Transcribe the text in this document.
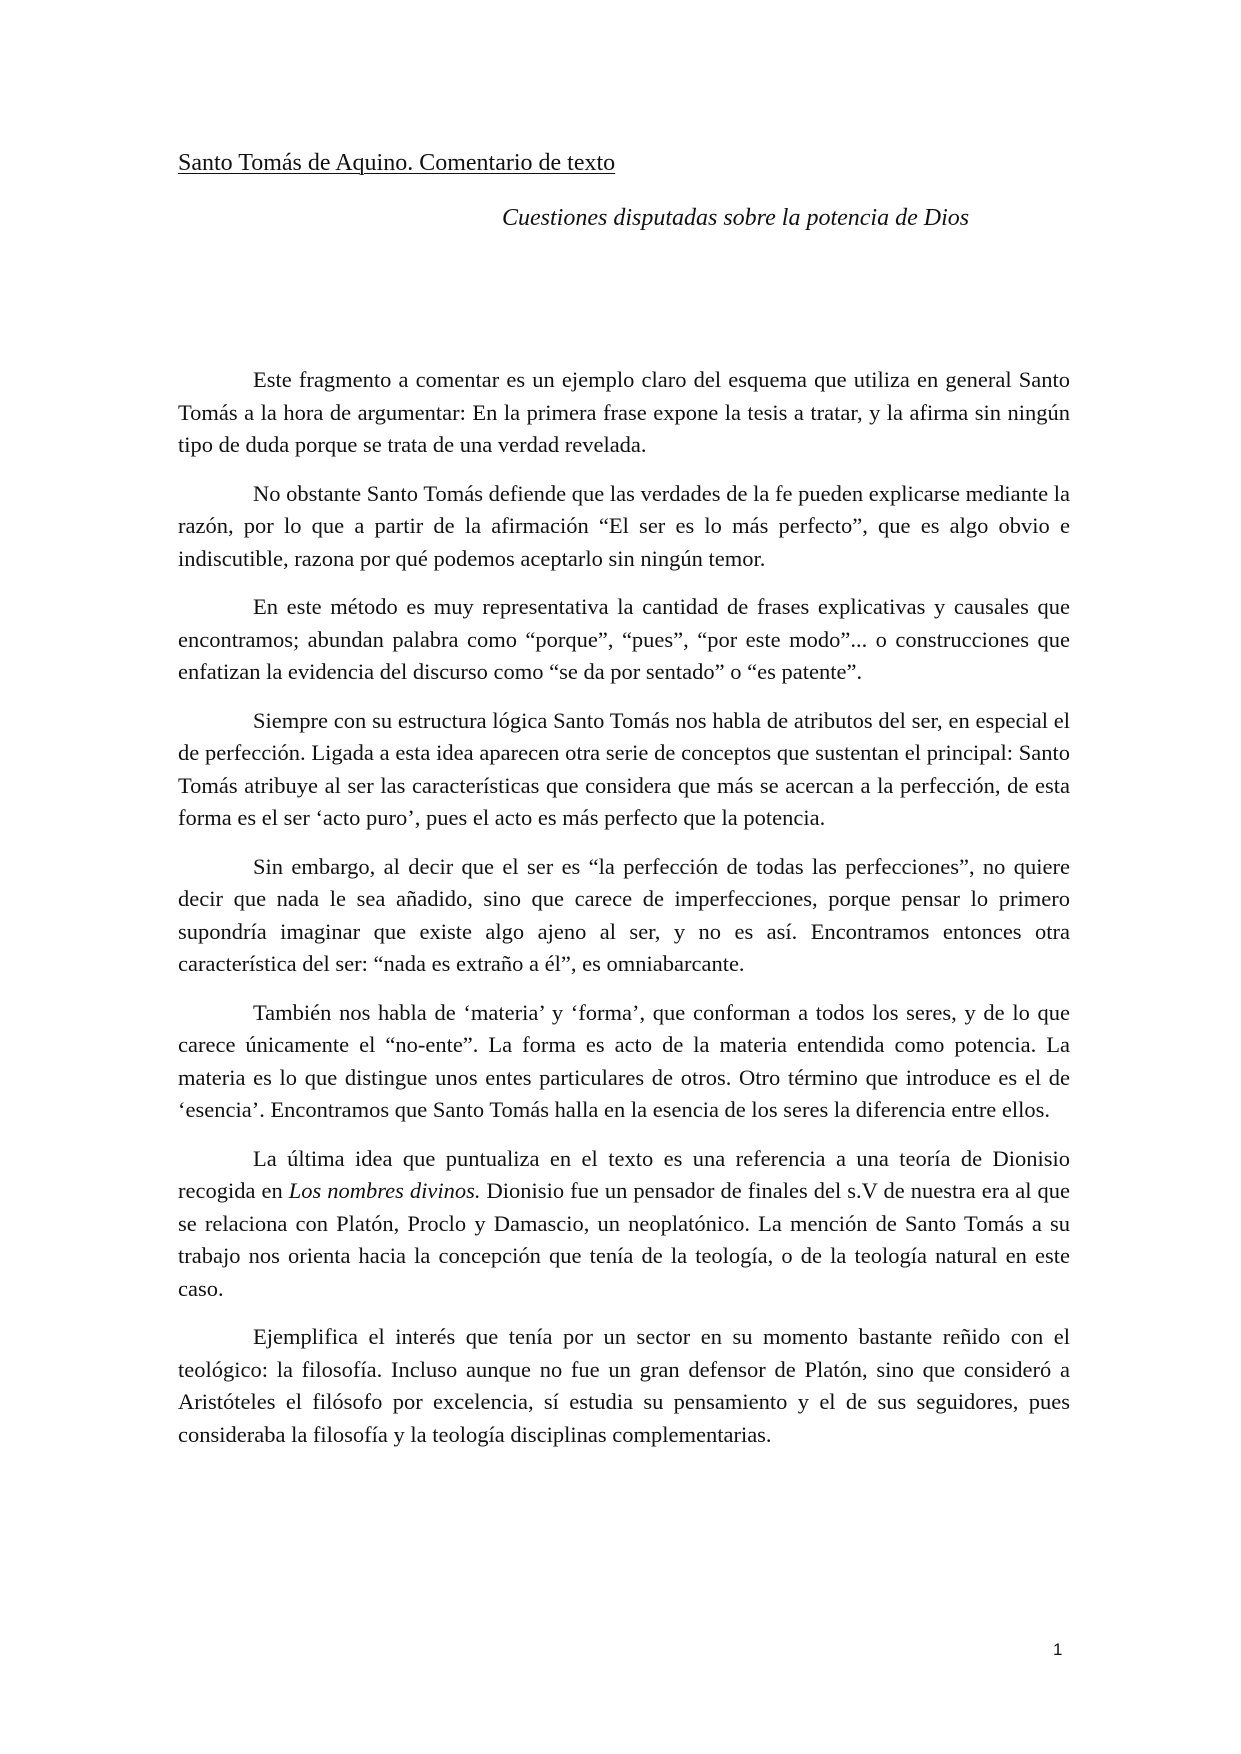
Santo Tomás de Aquino. Comentario de texto
Cuestiones disputadas sobre la potencia de Dios

Este fragmento a comentar es un ejemplo claro del esquema que utiliza en general Santo Tomás a la hora de argumentar: En la primera frase expone la tesis a tratar, y la afirma sin ningún tipo de duda porque se trata de una verdad revelada.

No obstante Santo Tomás defiende que las verdades de la fe pueden explicarse mediante la razón, por lo que a partir de la afirmación “El ser es lo más perfecto”, que es algo obvio e indiscutible, razona por qué podemos aceptarlo sin ningún temor.

En este método es muy representativa la cantidad de frases explicativas y causales que encontramos; abundan palabra como “porque”, “pues”, “por este modo”... o construcciones que enfatizan la evidencia del discurso como “se da por sentado” o “es patente”.

Siempre con su estructura lógica Santo Tomás nos habla de atributos del ser, en especial el de perfección. Ligada a esta idea aparecen otra serie de conceptos que sustentan el principal: Santo Tomás atribuye al ser las características que considera que más se acercan a la perfección, de esta forma es el ser ‘acto puro’, pues el acto es más perfecto que la potencia.

Sin embargo, al decir que el ser es “la perfección de todas las perfecciones”, no quiere decir que nada le sea añadido, sino que carece de imperfecciones, porque pensar lo primero supondría imaginar que existe algo ajeno al ser, y no es así. Encontramos entonces otra característica del ser: “nada es extraño a él”, es omniabarcante.

También nos habla de ‘materia’ y ‘forma’, que conforman a todos los seres, y de lo que carece únicamente el “no-ente”. La forma es acto de la materia entendida como potencia. La materia es lo que distingue unos entes particulares de otros. Otro término que introduce es el de ‘esencia’. Encontramos que Santo Tomás halla en la esencia de los seres la diferencia entre ellos.

La última idea que puntualiza en el texto es una referencia a una teoría de Dionisio recogida en Los nombres divinos. Dionisio fue un pensador de finales del s.V de nuestra era al que se relaciona con Platón, Proclo y Damascio, un neoplatónico. La mención de Santo Tomás a su trabajo nos orienta hacia la concepción que tenía de la teología, o de la teología natural en este caso.

Ejemplifica el interés que tenía por un sector en su momento bastante reñido con el teológico: la filosofía. Incluso aunque no fue un gran defensor de Platón, sino que consideró a Aristóteles el filósofo por excelencia, sí estudia su pensamiento y el de sus seguidores, pues consideraba la filosofía y la teología disciplinas complementarias.

1
